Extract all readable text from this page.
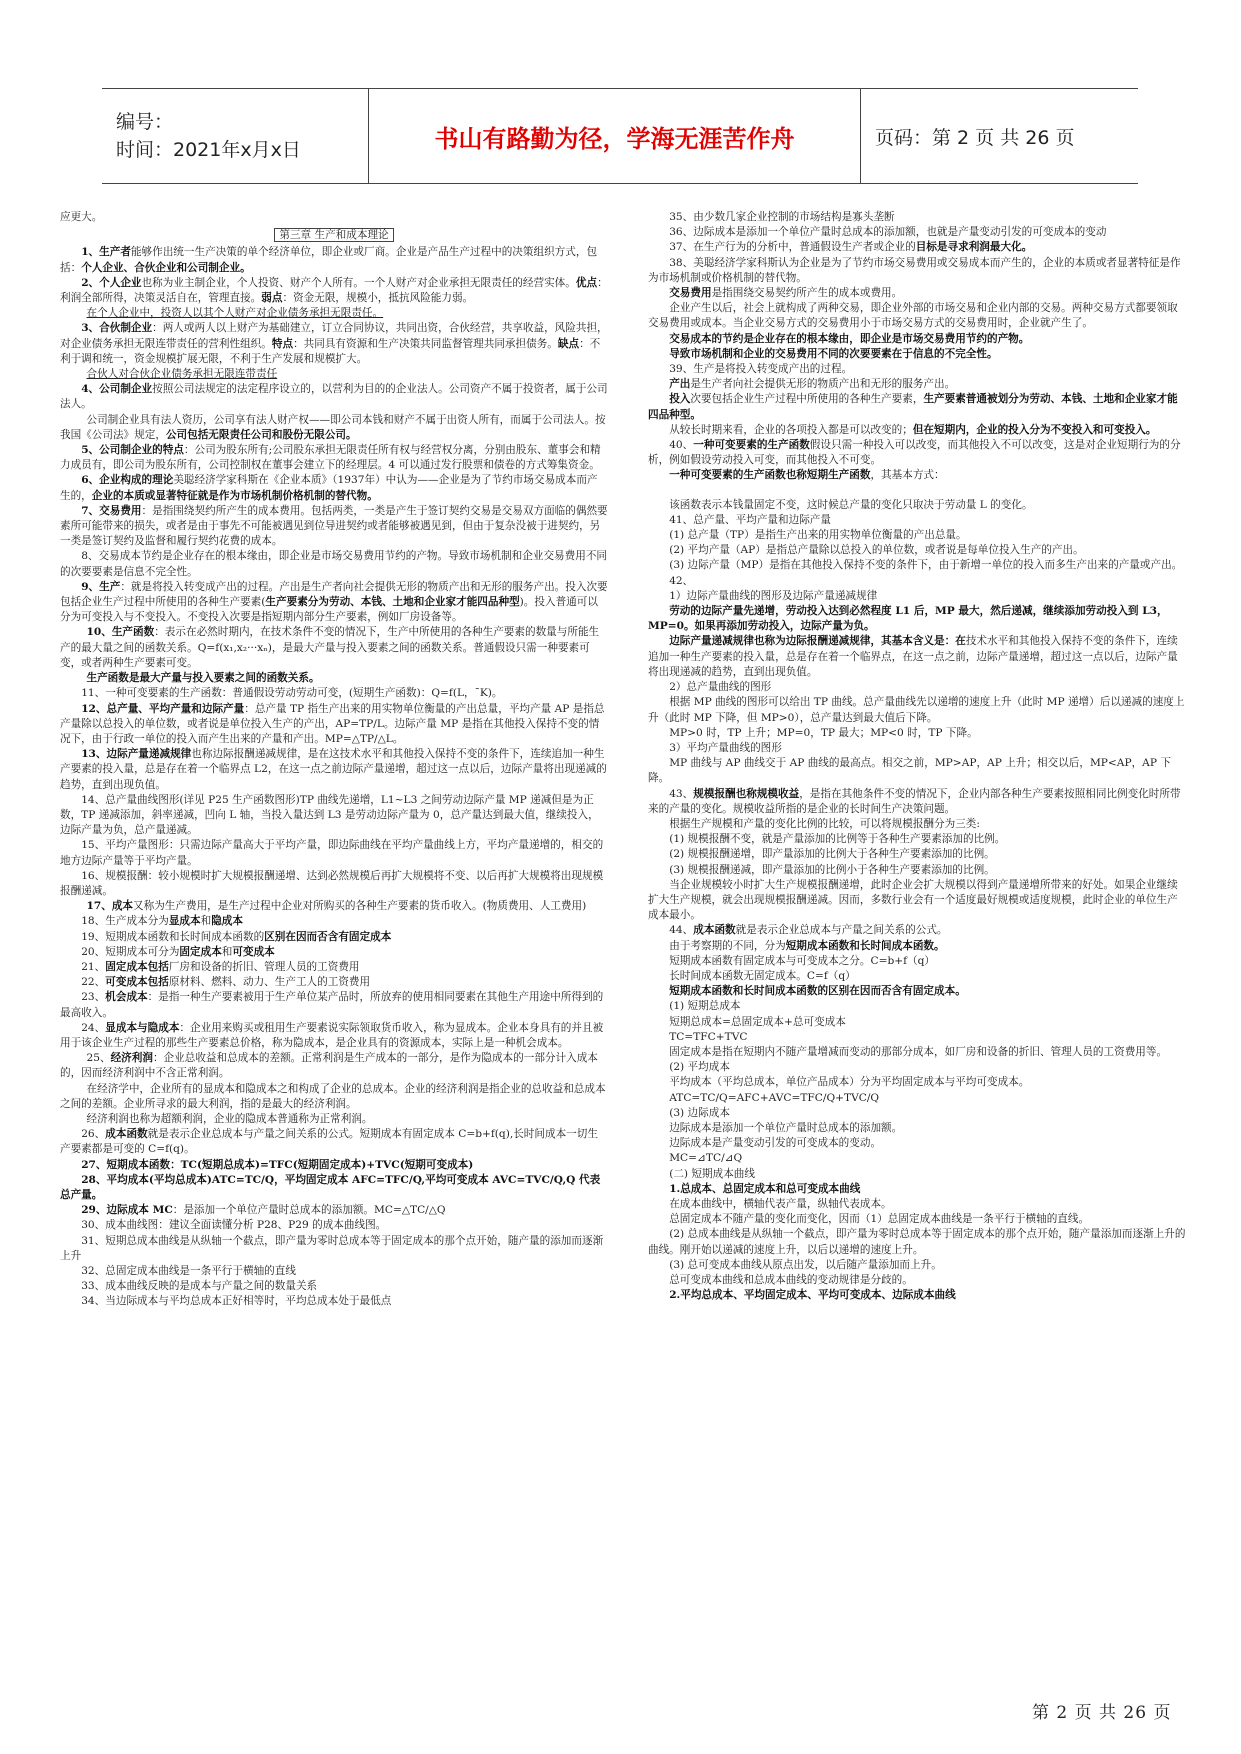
编号：
时间：2021年x月x日	书山有路勤为径，学海无涯苦作舟	页码：第 2 页 共 26 页

应更大。

第三章 生产和成本理论

1、生产者能够作出统一生产决策的单个经济单位，即企业或厂商。企业是产品生产过程中的决策组织方式，包括：个人企业、合伙企业和公司制企业。

2、个人企业也称为业主制企业，个人投资、财产个人所有。一个人财产对企业承担无限责任的经营实体。优点：利润全部所得，决策灵活自在，管理直接。弱点：资金无限，规模小，抵抗风险能力弱。

在个人企业中，投资人以其个人财产对企业债务承担无限责任。

3、合伙制企业：两人或两人以上财产为基础建立，订立合同协议，共同出资，合伙经营，共享收益，风险共担，对企业债务承担无限连带责任的营利性组织。特点：共同具有资源和生产决策共同监督管理共同承担债务。缺点：不利于调和统一，资金规模扩展无限，不利于生产发展和规模扩大。

合伙人对合伙企业债务承担无限连带责任

4、公司制企业按照公司法规定的法定程序设立的，以营利为目的的企业法人。公司资产不属于投资者，属于公司法人。

公司制企业具有法人资历，公司享有法人财产权——即公司本钱和财产不属于出资人所有，而属于公司法人。按我国《公司法》规定，公司包括无限责任公司和股份无限公司。

5、公司制企业的特点：公司为股东所有;公司股东承担无限责任所有权与经营权分离，分别由股东、董事会和精力成员有，即公司为股东所有，公司控制权在董事会建立下的经理层。4 可以通过发行股票和债卷的方式筹集资金。

6、企业构成的理论美聪经济学家科斯在《企业本质》（1937年）中认为——企业是为了节约市场交易成本而产生的，企业的本质或显著特征就是作为市场机制价格机制的替代物。

7、交易费用：是指围绕契约所产生的成本费用。包括两类，一类是产生于签订契约交易是交易双方面临的偶然要素所可能带来的损失，或者是由于事先不可能被遇见到位导进契约或者能够被遇见到，但由于复杂没被于进契约，另一类是签订契约及监督和履行契约花费的成本。

8、交易成本节约是企业存在的根本缘由，即企业是市场交易费用节约的产物。导致市场机制和企业交易费用不同的次要要素是信息不完全性。

9、生产：就是将投入转变成产出的过程。产出是生产者向社会提供无形的物质产出和无形的服务产出。投入次要包括企业生产过程中所使用的各种生产要素(生产要素分为劳动、本钱、土地和企业家才能四品种型)。投入普通可以分为可变投入与不变投入。不变投入次要是指短期内部分生产要素，例如厂房设备等。

10、生产函数：表示在必然时期内，在技术条件不变的情况下，生产中所使用的各种生产要素的数量与所能生产的最大量之间的函数关系。Q=f(x₁,x₂···xₙ)，是最大产量与投入要素之间的函数关系。普通假设只需一种要素可变，或者两种生产要素可变。

生产函数是最大产量与投入要素之间的函数关系。

11、一种可变要素的生产函数：普通假设劳动劳动可变，(短期生产函数)：Q=f(L，¯K)。

12、总产量、平均产量和边际产量：总产量 TP 指生产出来的用实物单位衡量的产出总量，平均产量 AP 是指总产量除以总投入的单位数，或者说是单位投入生产的产出，AP=TP/L。边际产量 MP 是指在其他投入保持不变的情况下，由于行政一单位的投入而产生出来的产量和产出。MP=△TP/△L。

13、边际产量递减规律也称边际报酬递减规律，是在这技术水平和其他投入保持不变的条件下，连续追加一种生产要素的投入量，总是存在着一个临界点 L2，在这一点之前边际产量递增，超过这一点以后，边际产量将出现递减的趋势，直到出现负值。

14、总产量曲线图形(详见 P25 生产函数图形)TP 曲线先递增，L1~L3 之间劳动边际产量 MP 递减但是为正数，TP 递减添加，斜率递减，凹向 L 轴，当投入量达到 L3 是劳动边际产量为 0，总产量达到最大值，继续投入，边际产量为负，总产量递减。

15、平均产量图形：只需边际产量高大于平均产量，即边际曲线在平均产量曲线上方，平均产量递增的，相交的地方边际产量等于平均产量。

16、规模报酬：较小规模时扩大规模报酬递增、达到必然规模后再扩大规模将不变、以后再扩大规模将出现规模报酬递减。

17、成本又称为生产费用，是生产过程中企业对所购买的各种生产要素的货币收入。(物质费用、人工费用)

18、生产成本分为显成本和隐成本

19、短期成本函数和长时间成本函数的区别在因而否含有固定成本

20、短期成本可分为固定成本和可变成本

21、固定成本包括厂房和设备的折旧、管理人员的工资费用

22、可变成本包括原材料、燃料、动力、生产工人的工资费用

23、机会成本：是指一种生产要素被用于生产单位某产品时，所放弃的使用相同要素在其他生产用途中所得到的最高收入。

24、显成本与隐成本：企业用来购买或租用生产要素说实际领取货币收入，称为显成本。企业本身具有的并且被用于该企业生产过程的那些生产要素总价格，称为隐成本，是企业具有的资源成本，实际上是一种机会成本。

25、经济利润：企业总收益和总成本的差额。正常利润是生产成本的一部分，是作为隐成本的一部分计入成本的，因而经济利润中不含正常利润。

在经济学中，企业所有的显成本和隐成本之和构成了企业的总成本。企业的经济利润是指企业的总收益和总成本之间的差额。企业所寻求的最大利润，指的是最大的经济利润。

经济利润也称为超额利润，企业的隐成本普通称为正常利润。

26、成本函数就是表示企业总成本与产量之间关系的公式。短期成本有固定成本 C=b+f(q),长时间成本一切生产要素都是可变的 C=f(q)。

27、短期成本函数：TC(短期总成本)=TFC(短期固定成本)+TVC(短期可变成本)

28、平均成本(平均总成本)ATC=TC/Q，平均固定成本 AFC=TFC/Q,平均可变成本 AVC=TVC/Q,Q 代表总产量。

29、边际成本 MC：是添加一个单位产量时总成本的添加额。MC=△TC/△Q

30、成本曲线图：建议全面读懂分析 P28、P29 的成本曲线图。

31、短期总成本曲线是从纵轴一个截点，即产量为零时总成本等于固定成本的那个点开始，随产量的添加而逐渐上升

32、总固定成本曲线是一条平行于横轴的直线

33、成本曲线反映的是成本与产量之间的数量关系

34、当边际成本与平均总成本正好相等时，平均总成本处于最低点

35、由少数几家企业控制的市场结构是寡头垄断

36、边际成本是添加一个单位产量时总成本的添加额，也就是产量变动引发的可变成本的变动

37、在生产行为的分析中，普通假设生产者或企业的目标是寻求利润最大化。

38、美聪经济学家科斯认为企业是为了节约市场交易费用或交易成本而产生的，企业的本质或者显著特征是作为市场机制或价格机制的替代物。

交易费用是指围绕交易契约所产生的成本或费用。

企业产生以后，社会上就构成了两种交易，即企业外部的市场交易和企业内部的交易。两种交易方式都要领取交易费用或成本。当企业交易方式的交易费用小于市场交易方式的交易费用时，企业就产生了。

交易成本的节约是企业存在的根本缘由，即企业是市场交易费用节约的产物。

导致市场机制和企业的交易费用不同的次要要素在于信息的不完全性。

39、生产是将投入转变成产出的过程。

产出是生产者向社会提供无形的物质产出和无形的服务产出。

投入次要包括企业生产过程中所使用的各种生产要素，生产要素普通被划分为劳动、本钱、土地和企业家才能四品种型。

从较长时期来看，企业的各项投入都是可以改变的；但在短期内，企业的投入分为不变投入和可变投入。

40、一种可变要素的生产函数假设只需一种投入可以改变，而其他投入不可以改变，这是对企业短期行为的分析，例如假设劳动投入可变，而其他投入不可变。

一种可变要素的生产函数也称短期生产函数，其基本方式：

该函数表示本钱量固定不变，这时候总产量的变化只取决于劳动量 L 的变化。

41、总产量、平均产量和边际产量

(1) 总产量（TP）是指生产出来的用实物单位衡量的产出总量。

(2) 平均产量（AP）是指总产量除以总投入的单位数，或者说是每单位投入生产的产出。

(3) 边际产量（MP）是指在其他投入保持不变的条件下，由于新增一单位的投入而多生产出来的产量或产出。

42、

1）边际产量曲线的图形及边际产量递减规律

劳动的边际产量先递增，劳动投入达到必然程度 L1 后，MP 最大，然后递减，继续添加劳动投入到 L3，MP=0。如果再添加劳动投入，边际产量为负。

边际产量递减规律也称为边际报酬递减规律，其基本含义是：在技术水平和其他投入保持不变的条件下，连续追加一种生产要素的投入量，总是存在着一个临界点，在这一点之前，边际产量递增，超过这一点以后，边际产量将出现递减的趋势，直到出现负值。

2）总产量曲线的图形

根据 MP 曲线的图形可以给出 TP 曲线。总产量曲线先以递增的速度上升（此时 MP 递增）后以递减的速度上升（此时 MP 下降，但 MP>0），总产量达到最大值后下降。

MP>0 时，TP 上升；MP=0，TP 最大；MP<0 时，TP 下降。

3）平均产量曲线的图形

MP 曲线与 AP 曲线交于 AP 曲线的最高点。相交之前，MP>AP，AP 上升；相交以后，MP<AP，AP 下降。

43、规模报酬也称规模收益，是指在其他条件不变的情况下，企业内部各种生产要素按照相同比例变化时所带来的产量的变化。规模收益所指的是企业的长时间生产决策问题。

根据生产规模和产量的变化比例的比较，可以将规模报酬分为三类:

(1) 规模报酬不变，就是产量添加的比例等于各种生产要素添加的比例。

(2) 规模报酬递增，即产量添加的比例大于各种生产要素添加的比例。

(3) 规模报酬递减，即产量添加的比例小于各种生产要素添加的比例。

当企业规模较小时扩大生产规模报酬递增，此时企业会扩大规模以得到产量递增所带来的好处。如果企业继续扩大生产规模，就会出现规模报酬递减。因而，多数行业会有一个适度最好规模或适度规模，此时企业的单位生产成本最小。

44、成本函数就是表示企业总成本与产量之间关系的公式。

由于考察期的不同，分为短期成本函数和长时间成本函数。

短期成本函数有固定成本与可变成本之分。C=b+f（q）

长时间成本函数无固定成本。C=f（q）

短期成本函数和长时间成本函数的区别在因而否含有固定成本。

(1) 短期总成本

短期总成本=总固定成本+总可变成本

TC=TFC+TVC

固定成本是指在短期内不随产量增减而变动的那部分成本，如厂房和设备的折旧、管理人员的工资费用等。

(2) 平均成本

平均成本（平均总成本，单位产品成本）分为平均固定成本与平均可变成本。

ATC=TC/Q=AFC+AVC=TFC/Q+TVC/Q

(3) 边际成本

边际成本是添加一个单位产量时总成本的添加额。

边际成本是产量变动引发的可变成本的变动。

MC=⊿TC/⊿Q

(二) 短期成本曲线

1.总成本、总固定成本和总可变成本曲线

在成本曲线中，横轴代表产量，纵轴代表成本。

总固定成本不随产量的变化而变化，因而（1）总固定成本曲线是一条平行于横轴的直线。

(2) 总成本曲线是从纵轴一个截点，即产量为零时总成本等于固定成本的那个点开始，随产量添加而逐渐上升的曲线。刚开始以递减的速度上升，以后以递增的速度上升。

(3) 总可变成本曲线从原点出发，以后随产量添加而上升。

总可变成本曲线和总成本曲线的变动规律是分歧的。

2.平均总成本、平均固定成本、平均可变成本、边际成本曲线

第 2 页 共 26 页
